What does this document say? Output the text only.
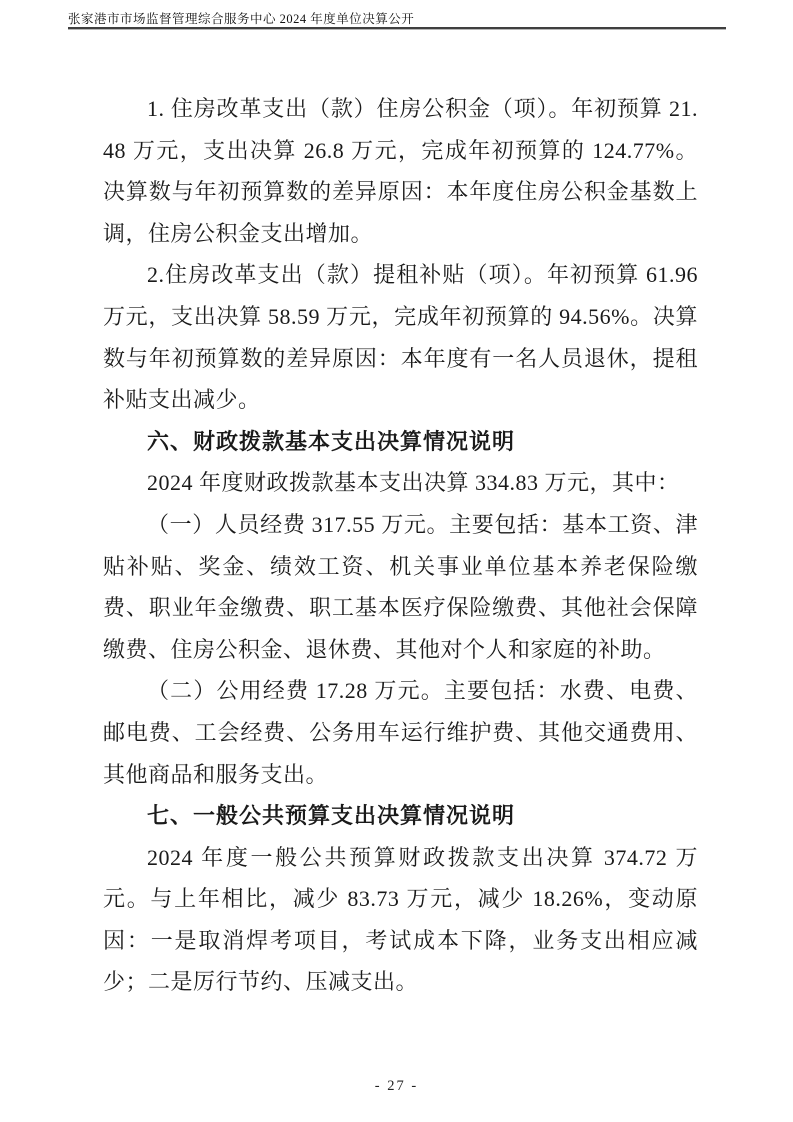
张家港市市场监督管理综合服务中心 2024 年度单位决算公开

1. 住房改革支出（款）住房公积金（项）。年初预算 21.48 万元，支出决算 26.8 万元，完成年初预算的 124.77%。决算数与年初预算数的差异原因：本年度住房公积金基数上调，住房公积金支出增加。

2.住房改革支出（款）提租补贴（项）。年初预算 61.96 万元，支出决算 58.59 万元，完成年初预算的 94.56%。决算数与年初预算数的差异原因：本年度有一名人员退休，提租补贴支出减少。

六、财政拨款基本支出决算情况说明

2024 年度财政拨款基本支出决算 334.83 万元，其中：

（一）人员经费 317.55 万元。主要包括：基本工资、津贴补贴、奖金、绩效工资、机关事业单位基本养老保险缴费、职业年金缴费、职工基本医疗保险缴费、其他社会保障缴费、住房公积金、退休费、其他对个人和家庭的补助。

（二）公用经费 17.28 万元。主要包括：水费、电费、邮电费、工会经费、公务用车运行维护费、其他交通费用、其他商品和服务支出。

七、一般公共预算支出决算情况说明

2024 年度一般公共预算财政拨款支出决算 374.72 万元。与上年相比，减少 83.73 万元，减少 18.26%，变动原因：一是取消焊考项目，考试成本下降，业务支出相应减少；二是厉行节约、压减支出。

- 27 -
